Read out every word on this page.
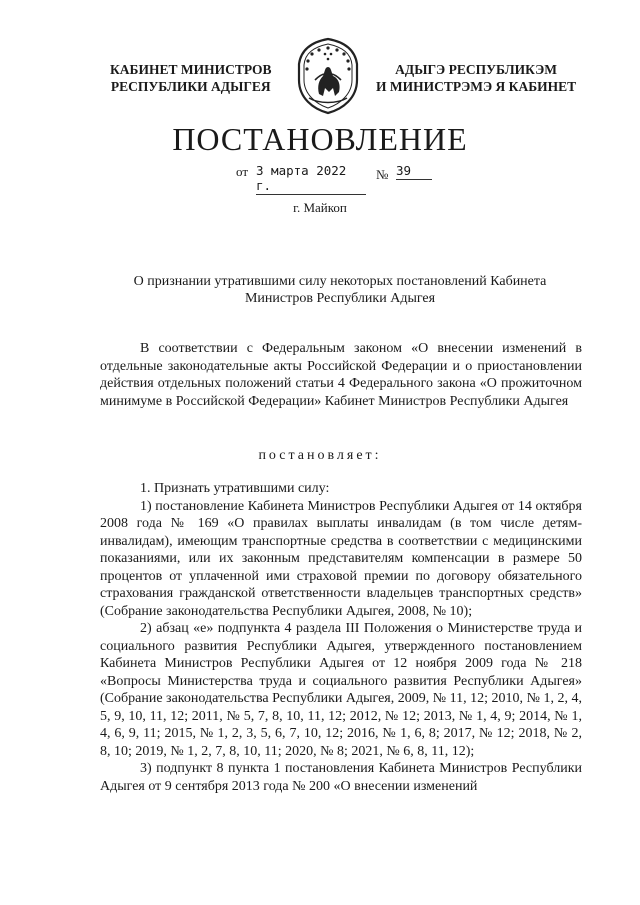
КАБИНЕТ МИНИСТРОВ
РЕСПУБЛИКИ АДЫГЕЯ
АДЫГЭ РЕСПУБЛИКЭМ
И МИНИСТРЭМЭ Я КАБИНЕТ
ПОСТАНОВЛЕНИЕ
от 3 марта 2022 г.
№ 39
г. Майкоп
О признании утратившими силу некоторых постановлений Кабинета
Министров Республики Адыгея

В соответствии с Федеральным законом «О внесении изменений в отдельные законодательные акты Российской Федерации и о приостановлении действия отдельных положений статьи 4 Федерального закона «О прожиточном минимуме в Российской Федерации» Кабинет Министров Республики Адыгея

постановляет:

1. Признать утратившими силу:

1) постановление Кабинета Министров Республики Адыгея от 14 октября 2008 года № 169 «О правилах выплаты инвалидам (в том числе детям-инвалидам), имеющим транспортные средства в соответствии с медицинскими показаниями, или их законным представителям компенсации в размере 50 процентов от уплаченной ими страховой премии по договору обязательного страхования гражданской ответственности владельцев транспортных средств» (Собрание законодательства Республики Адыгея, 2008, № 10);

2) абзац «е» подпункта 4 раздела III Положения о Министерстве труда и социального развития Республики Адыгея, утвержденного постановлением Кабинета Министров Республики Адыгея от 12 ноября 2009 года № 218 «Вопросы Министерства труда и социального развития Республики Адыгея» (Собрание законодательства Республики Адыгея, 2009, № 11, 12; 2010, № 1, 2, 4, 5, 9, 10, 11, 12; 2011, № 5, 7, 8, 10, 11, 12; 2012, № 12; 2013, № 1, 4, 9; 2014, № 1, 4, 6, 9, 11; 2015, № 1, 2, 3, 5, 6, 7, 10, 12; 2016, № 1, 6, 8; 2017, № 12; 2018, № 2, 8, 10; 2019, № 1, 2, 7, 8, 10, 11; 2020, № 8; 2021, № 6, 8, 11, 12);

3) подпункт 8 пункта 1 постановления Кабинета Министров Республики Адыгея от 9 сентября 2013 года № 200 «О внесении изменений
